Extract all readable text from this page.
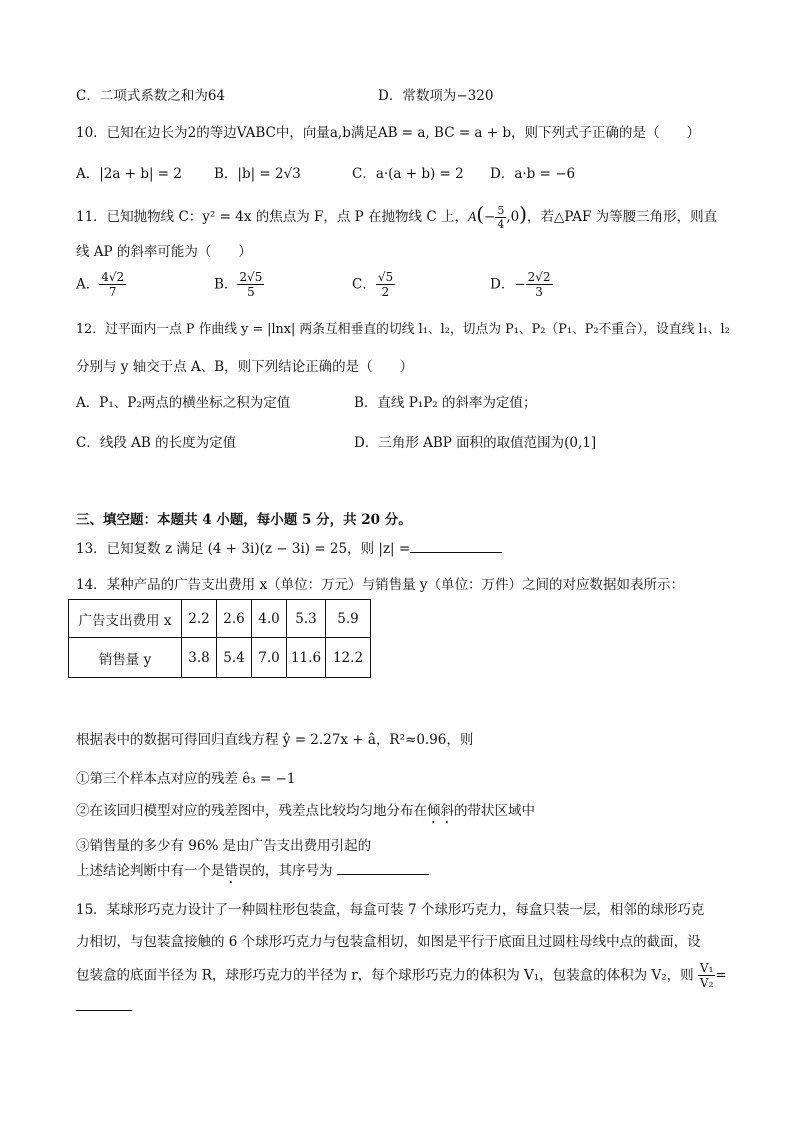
C．二项式系数之和为64	D．常数项为−320
10．已知在边长为2的等边VABC中，向量a,b满足AB = a, BC = a + b，则下列式子正确的是（　　）
A．|2a + b| = 2 B．|b| = 2√3	C．a·(a + b) = 2 D．a·b = −6
11．已知抛物线 C：y² = 4x 的焦点为 F，点 P 在抛物线 C 上，$A(- \frac{5}{4} ,0)$，若△PAF 为等腰三角形，则直
线 AP 的斜率可能为（　　）
A． $\frac{4√2}{7}$	B． $\frac{2√5}{5}$	C． $\frac{√5}{2}$	D．− $\frac{2√2}{3}$
12．过平面内一点 P 作曲线 y = |lnx| 两条互相垂直的切线 l₁、l₂，切点为 P₁、P₂（P₁、P₂不重合），设直线 l₁、l₂
分别与 y 轴交于点 A、B，则下列结论正确的是（　　）
A．P₁、P₂两点的横坐标之积为定值	B．直线 P₁P₂ 的斜率为定值；
C．线段 AB 的长度为定值	D．三角形 ABP 面积的取值范围为(0,1]
三、填空题：本题共 4 小题，每小题 5 分，共 20 分。
13．已知复数 z 满足 (4 + 3i)(z − 3i) = 25，则 |z| =
14．某种产品的广告支出费用 x（单位：万元）与销售量 y（单位：万件）之间的对应数据如表所示：
广告支出费用 x	2.2	2.6	4.0	5.3	5.9
销售量 y	3.8	5.4	7.0	11.6	12.2
根据表中的数据可得回归直线方程 ŷ = 2.27x + â，R²≈0.96，则
①第三个样本点对应的残差 ê₃ = −1
②在该回归模型对应的残差图中，残差点比较均匀地分布在倾斜的带状区域中
③销售量的多少有 96% 是由广告支出费用引起的
上述结论判断中有一个是错误的，其序号为
15．某球形巧克力设计了一种圆柱形包装盒，每盒可装 7 个球形巧克力，每盒只装一层，相邻的球形巧克
力相切，与包装盒接触的 6 个球形巧克力与包装盒相切，如图是平行于底面且过圆柱母线中点的截面，设
包装盒的底面半径为 R，球形巧克力的半径为 r，每个球形巧克力的体积为 V₁，包装盒的体积为 V₂，则 $\frac{\text{V₁}}{\text{V₂}}$ =
